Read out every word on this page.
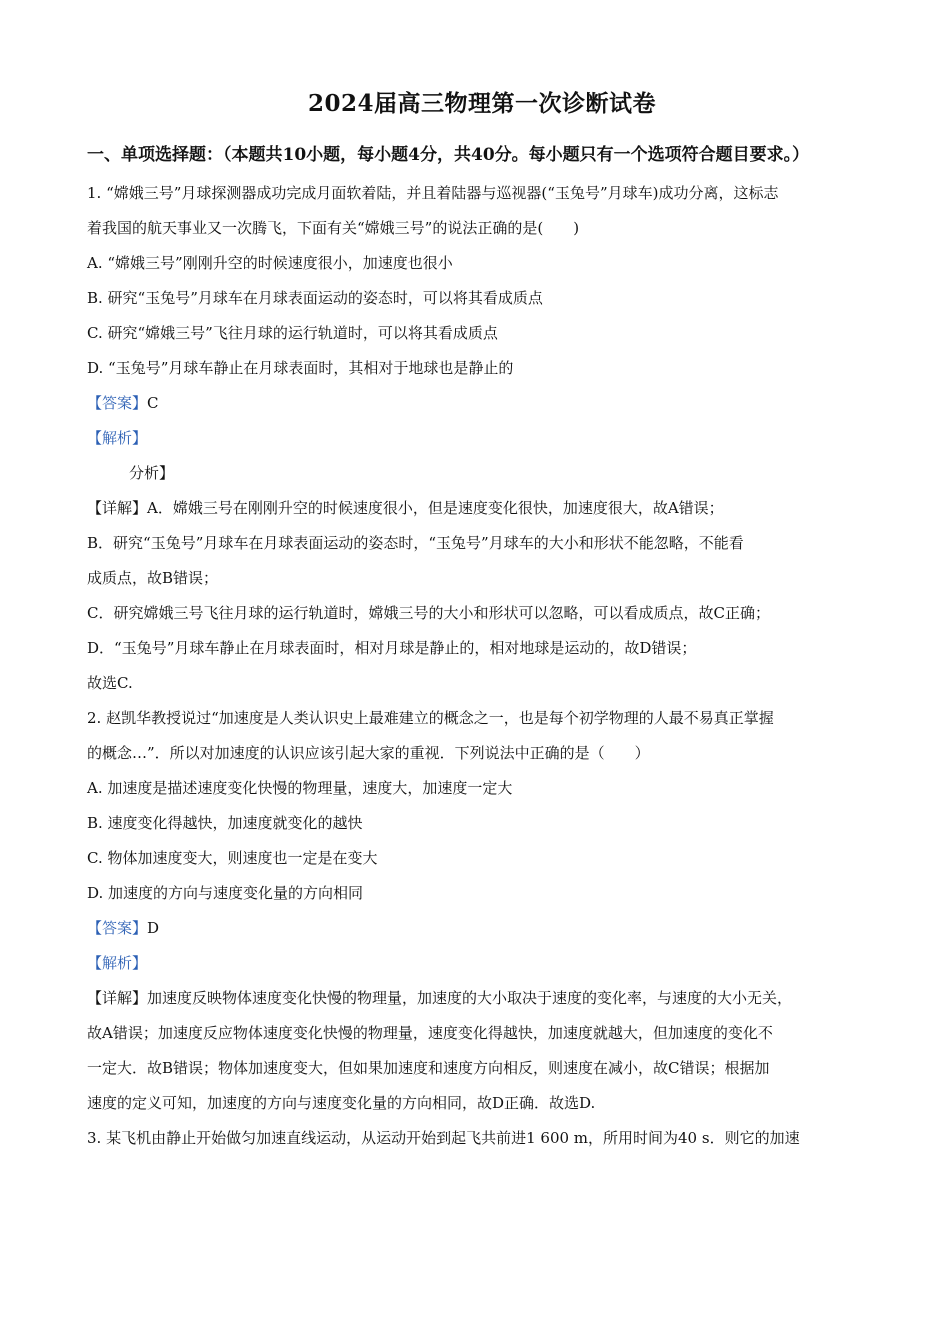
2024届高三物理第一次诊断试卷
一、单项选择题：（本题共10小题，每小题4分，共40分。每小题只有一个选项符合题目要求。）
1. “嫦娥三号”月球探测器成功完成月面软着陆，并且着陆器与巡视器(“玉兔号”月球车)成功分离，这标志
着我国的航天事业又一次腾飞，下面有关“嫦娥三号”的说法正确的是(　　)
A. “嫦娥三号”刚刚升空的时候速度很小，加速度也很小
B. 研究“玉兔号”月球车在月球表面运动的姿态时，可以将其看成质点
C. 研究“嫦娥三号”飞往月球的运行轨道时，可以将其看成质点
D. “玉兔号”月球车静止在月球表面时，其相对于地球也是静止的
【答案】C
【解析】
分析】
【详解】A．嫦娥三号在刚刚升空的时候速度很小，但是速度变化很快，加速度很大，故A错误；
B．研究“玉兔号”月球车在月球表面运动的姿态时，“玉兔号”月球车的大小和形状不能忽略，不能看
成质点，故B错误；
C．研究嫦娥三号飞往月球的运行轨道时，嫦娥三号的大小和形状可以忽略，可以看成质点，故C正确；
D．“玉兔号”月球车静止在月球表面时，相对月球是静止的，相对地球是运动的，故D错误；
故选C.
2. 赵凯华教授说过“加速度是人类认识史上最难建立的概念之一，也是每个初学物理的人最不易真正掌握
的概念…”．所以对加速度的认识应该引起大家的重视．下列说法中正确的是（　　）
A. 加速度是描述速度变化快慢的物理量，速度大，加速度一定大
B. 速度变化得越快，加速度就变化的越快
C. 物体加速度变大，则速度也一定是在变大
D. 加速度的方向与速度变化量的方向相同
【答案】D
【解析】
【详解】加速度反映物体速度变化快慢的物理量，加速度的大小取决于速度的变化率，与速度的大小无关，
故A错误；加速度反应物体速度变化快慢的物理量，速度变化得越快，加速度就越大，但加速度的变化不
一定大．故B错误；物体加速度变大，但如果加速度和速度方向相反，则速度在减小，故C错误；根据加
速度的定义可知，加速度的方向与速度变化量的方向相同，故D正确．故选D.
3. 某飞机由静止开始做匀加速直线运动，从运动开始到起飞共前进1 600 m，所用时间为40 s．则它的加速
